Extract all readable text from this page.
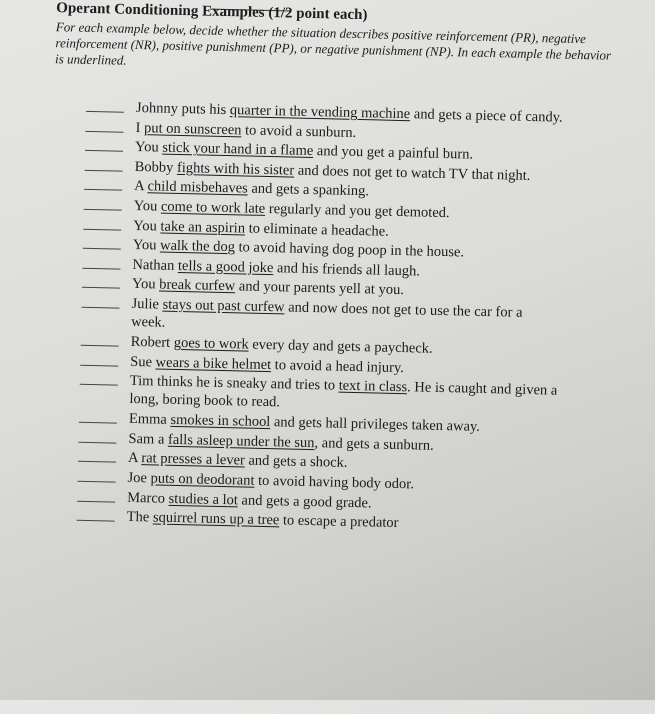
Operant Conditioning Examples (1/2 point each)
For each example below, decide whether the situation describes positive reinforcement (PR), negative reinforcement (NR), positive punishment (PP), or negative punishment (NP). In each example the behavior is underlined.
Johnny puts his quarter in the vending machine and gets a piece of candy.
I put on sunscreen to avoid a sunburn.
You stick your hand in a flame and you get a painful burn.
Bobby fights with his sister and does not get to watch TV that night.
A child misbehaves and gets a spanking.
You come to work late regularly and you get demoted.
You take an aspirin to eliminate a headache.
You walk the dog to avoid having dog poop in the house.
Nathan tells a good joke and his friends all laugh.
You break curfew and your parents yell at you.
Julie stays out past curfew and now does not get to use the car for a
week.
Robert goes to work every day and gets a paycheck.
Sue wears a bike helmet to avoid a head injury.
Tim thinks he is sneaky and tries to text in class. He is caught and given a
long, boring book to read.
Emma smokes in school and gets hall privileges taken away.
Sam a falls asleep under the sun, and gets a sunburn.
A rat presses a lever and gets a shock.
Joe puts on deodorant to avoid having body odor.
Marco studies a lot and gets a good grade.
The squirrel runs up a tree to escape a predator
